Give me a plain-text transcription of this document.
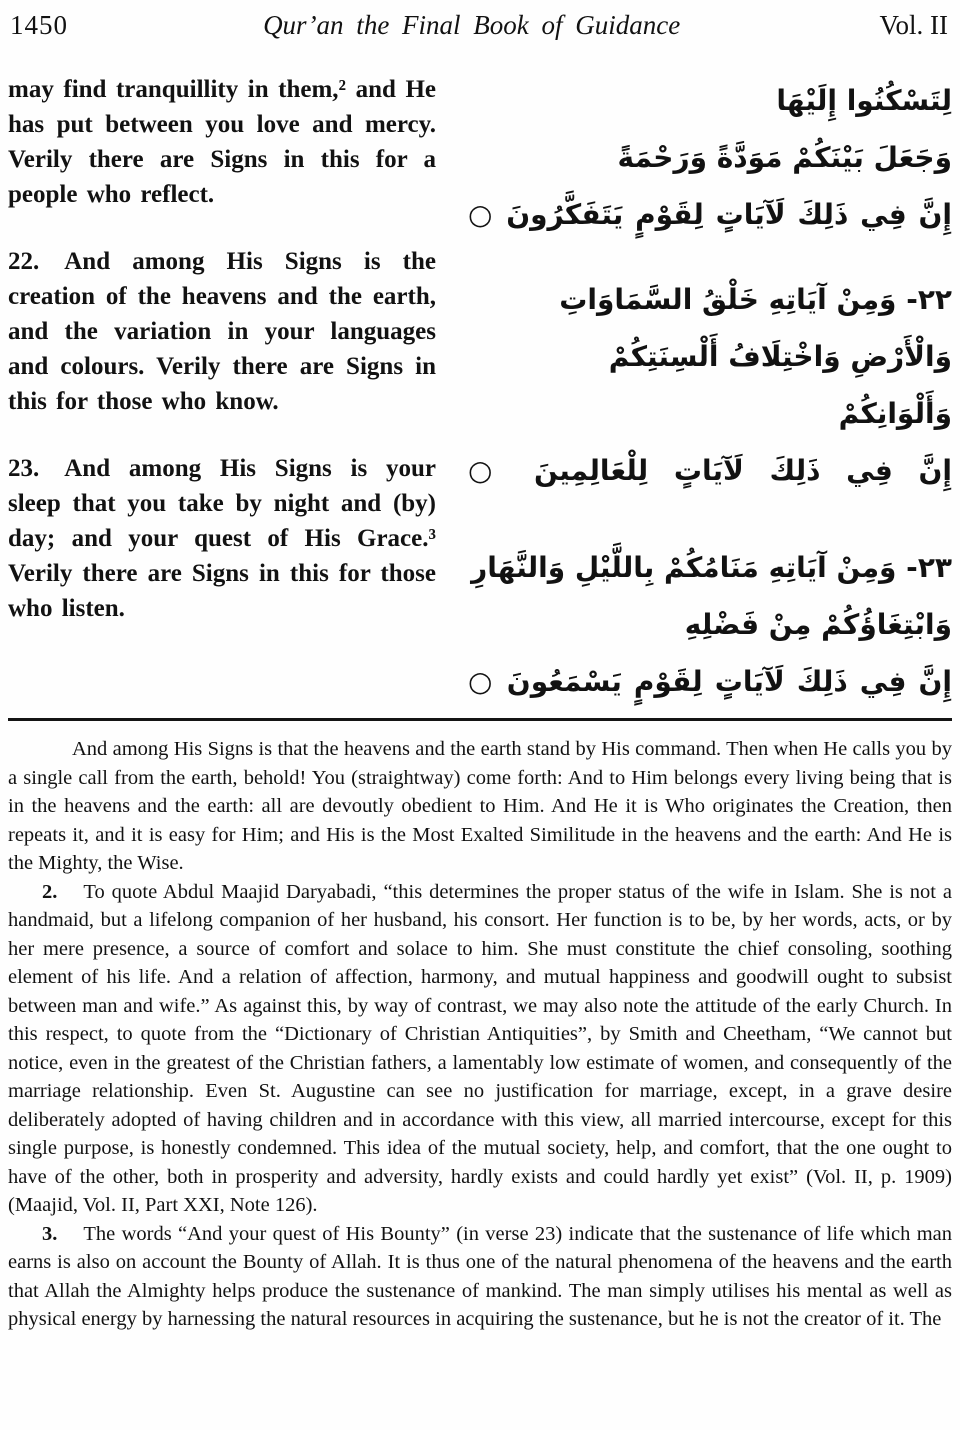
1450	Qur’an the Final Book of Guidance	Vol. II

may find tranquillity in them,² and He has put between you love and mercy. Verily there are Signs in this for a people who reflect.

22. And among His Signs is the creation of the heavens and the earth, and the variation in your languages and colours. Verily there are Signs in this for those who know.

23. And among His Signs is your sleep that you take by night and (by) day; and your quest of His Grace.³ Verily there are Signs in this for those who listen.

لِتَسْكُنُوا إِلَيْهَا
وَجَعَلَ بَيْنَكُمْ مَوَدَّةً وَرَحْمَةً
إِنَّ فِي ذَلِكَ لَآيَاتٍ لِقَوْمٍ يَتَفَكَّرُونَ ○
٢٢- وَمِنْ آيَاتِهِ خَلْقُ السَّمَاوَاتِ
وَالْأَرْضِ وَاخْتِلَافُ أَلْسِنَتِكُمْ
وَأَلْوَانِكُمْ
إِنَّ فِي ذَلِكَ لَآيَاتٍ لِلْعَالِمِينَ ○
٢٣- وَمِنْ آيَاتِهِ مَنَامُكُمْ بِاللَّيْلِ وَالنَّهَارِ
وَابْتِغَاؤُكُمْ مِنْ فَضْلِهِ
إِنَّ فِي ذَلِكَ لَآيَاتٍ لِقَوْمٍ يَسْمَعُونَ ○

And among His Signs is that the heavens and the earth stand by His command. Then when He calls you by a single call from the earth, behold! You (straightway) come forth: And to Him belongs every living being that is in the heavens and the earth: all are devoutly obedient to Him. And He it is Who originates the Creation, then repeats it, and it is easy for Him; and His is the Most Exalted Similitude in the heavens and the earth: And He is the Mighty, the Wise.

2. To quote Abdul Maajid Daryabadi, “this determines the proper status of the wife in Islam. She is not a handmaid, but a lifelong companion of her husband, his consort. Her function is to be, by her words, acts, or by her mere presence, a source of comfort and solace to him. She must constitute the chief consoling, soothing element of his life. And a relation of affection, harmony, and mutual happiness and goodwill ought to subsist between man and wife.” As against this, by way of contrast, we may also note the attitude of the early Church. In this respect, to quote from the “Dictionary of Christian Antiquities”, by Smith and Cheetham, “We cannot but notice, even in the greatest of the Christian fathers, a lamentably low estimate of women, and consequently of the marriage relationship. Even St. Augustine can see no justification for marriage, except, in a grave desire deliberately adopted of having children and in accordance with this view, all married intercourse, except for this single purpose, is honestly condemned. This idea of the mutual society, help, and comfort, that the one ought to have of the other, both in prosperity and adversity, hardly exists and could hardly yet exist” (Vol. II, p. 1909) (Maajid, Vol. II, Part XXI, Note 126).

3. The words “And your quest of His Bounty” (in verse 23) indicate that the sustenance of life which man earns is also on account the Bounty of Allah. It is thus one of the natural phenomena of the heavens and the earth that Allah the Almighty helps produce the sustenance of mankind. The man simply utilises his mental as well as physical energy by harnessing the natural resources in acquiring the sustenance, but he is not the creator of it. The
